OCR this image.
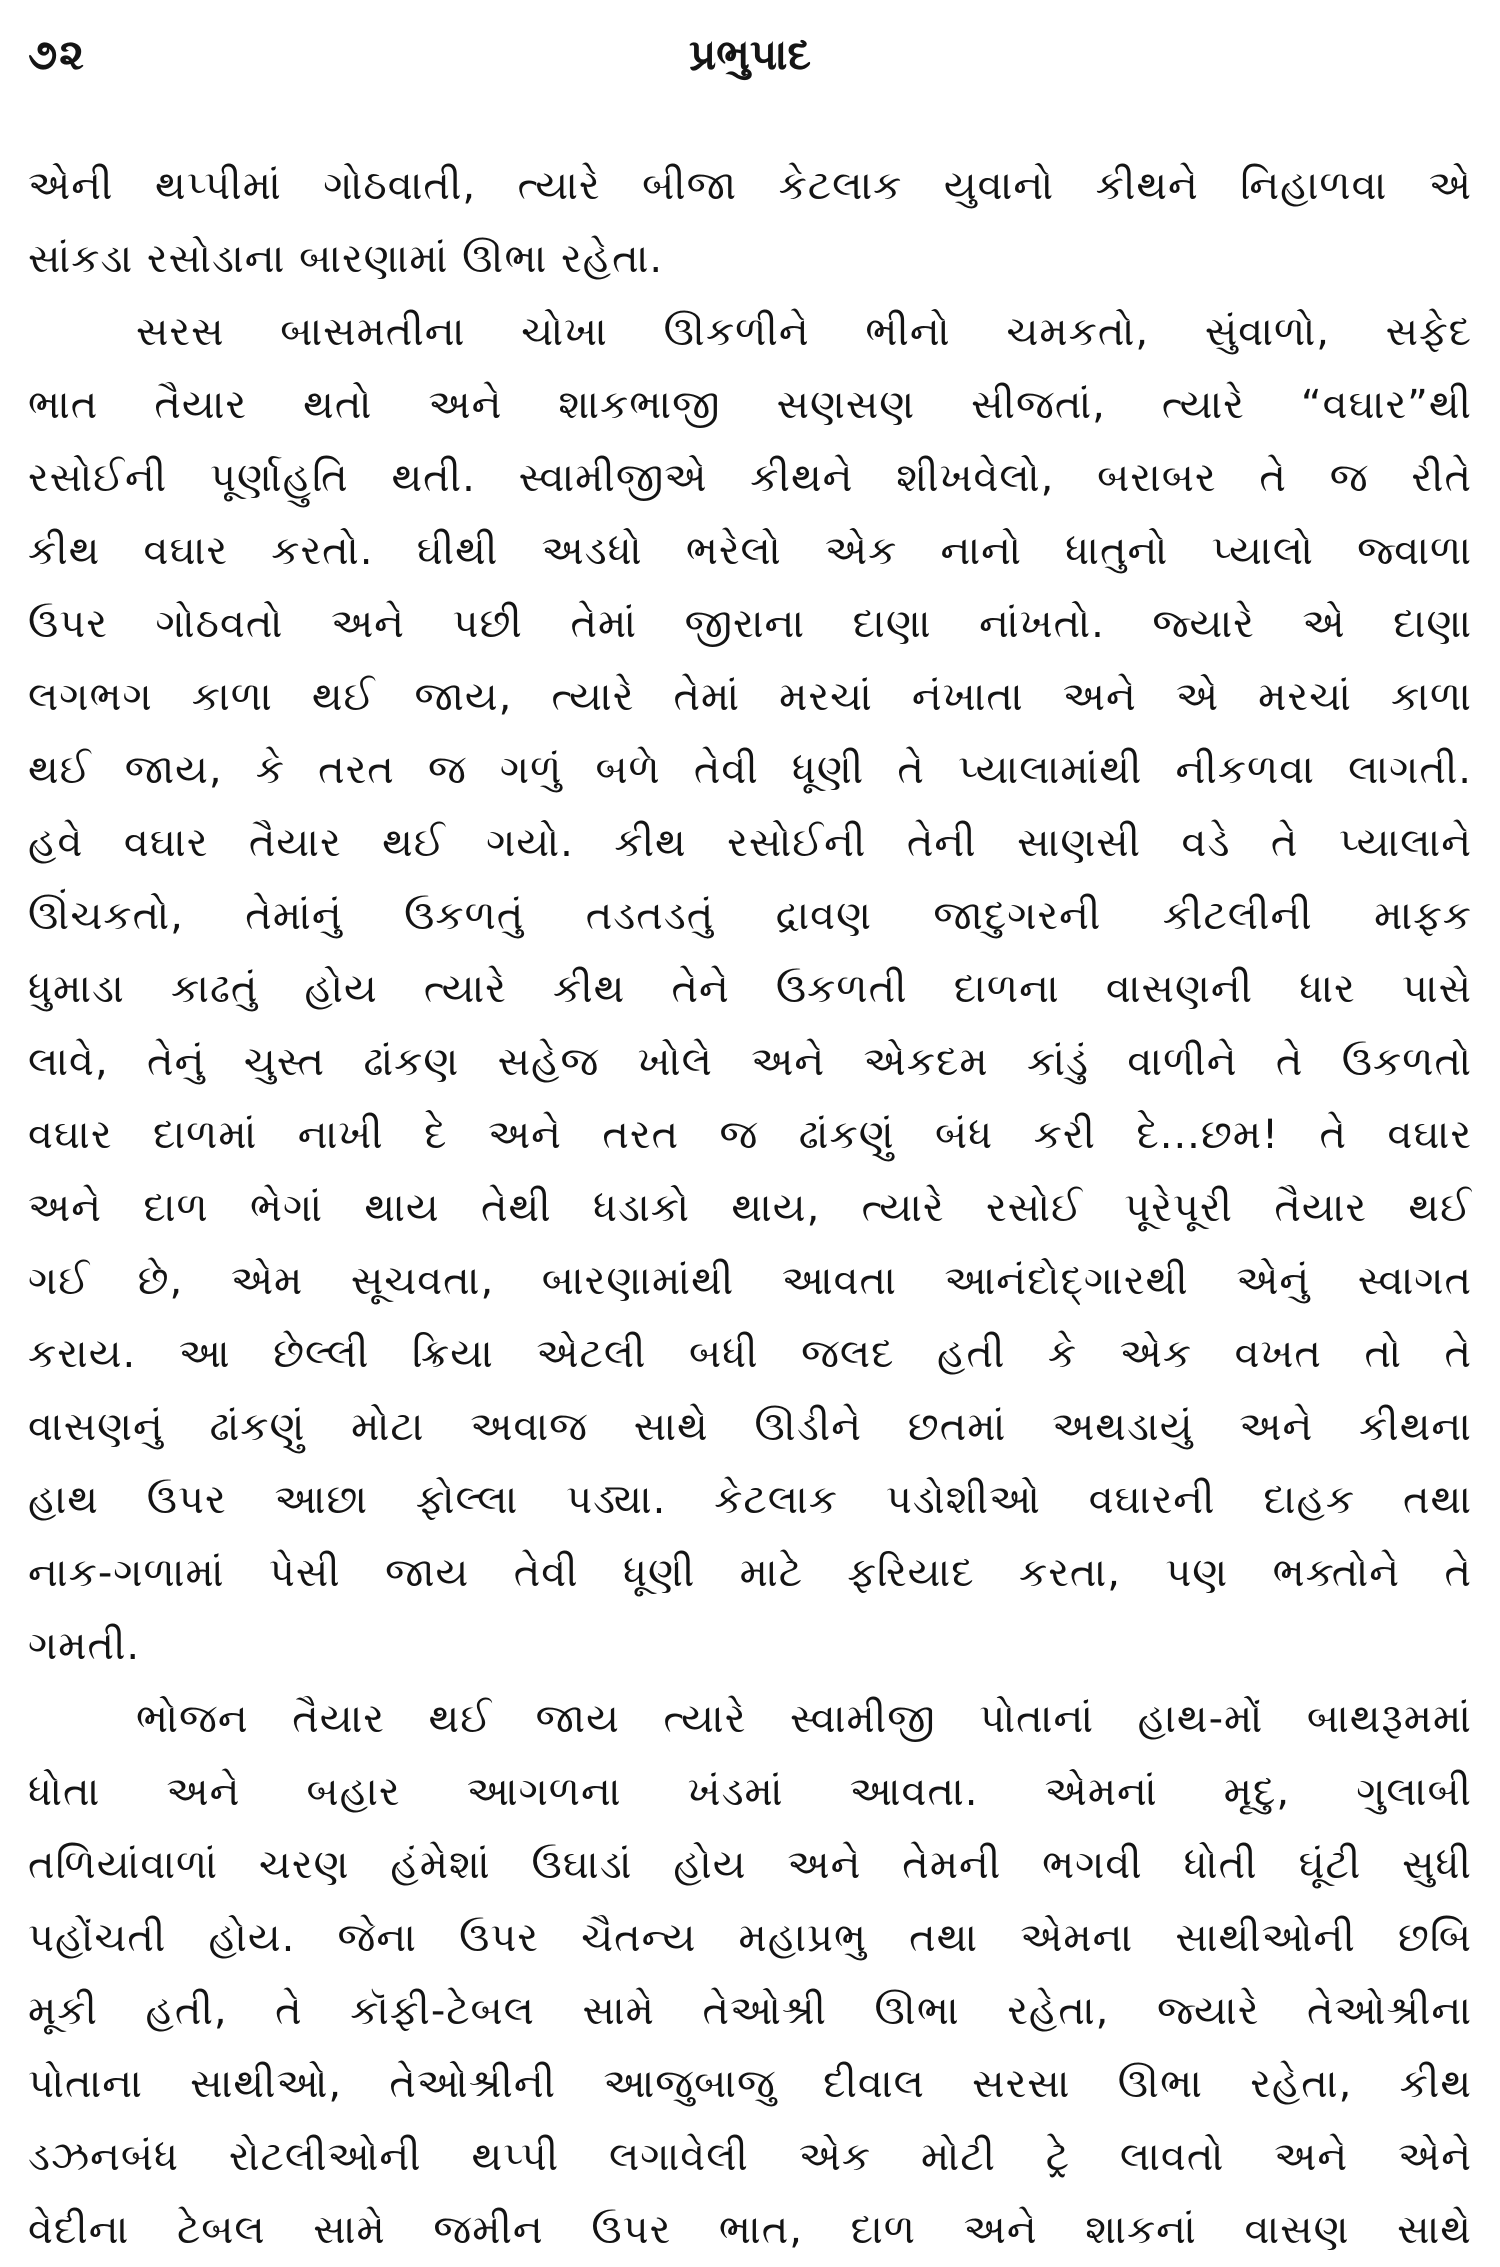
૭૨	પ્રભુપાદ
એની થપ્પીમાં ગોઠવાતી, ત્યારે બીજા કેટલાક યુવાનો કીથને નિહાળવા એ
સાંકડા રસોડાના બારણામાં ઊભા રહેતા.
સરસ બાસમતીના ચોખા ઊકળીને ભીનો ચમકતો, સુંવાળો, સફેદ
ભાત તૈયાર થતો અને શાકભાજી સણસણ સીજતાં, ત્યારે “વઘાર”થી
રસોઈની પૂર્ણાહુતિ થતી. સ્વામીજીએ કીથને શીખવેલો, બરાબર તે જ રીતે
કીથ વઘાર કરતો. ઘીથી અડધો ભરેલો એક નાનો ધાતુનો પ્યાલો જ્વાળા
ઉપર ગોઠવતો અને પછી તેમાં જીરાના દાણા નાંખતો. જ્યારે એ દાણા
લગભગ કાળા થઈ જાય, ત્યારે તેમાં મરચાં નંખાતા અને એ મરચાં કાળા
થઈ જાય, કે તરત જ ગળું બળે તેવી ધૂણી તે પ્યાલામાંથી નીકળવા લાગતી.
હવે વઘાર તૈયાર થઈ ગયો. કીથ રસોઈની તેની સાણસી વડે તે પ્યાલાને
ઊંચકતો, તેમાંનું ઉકળતું તડતડતું દ્રાવણ જાદુગરની કીટલીની માફક
ધુમાડા કાઢતું હોય ત્યારે કીથ તેને ઉકળતી દાળના વાસણની ધાર પાસે
લાવે, તેનું ચુસ્ત ઢાંકણ સહેજ ખોલે અને એકદમ કાંડું વાળીને તે ઉકળતો
વઘાર દાળમાં નાખી દે અને તરત જ ઢાંકણું બંધ કરી દે...છમ! તે વઘાર
અને દાળ ભેગાં થાય તેથી ધડાકો થાય, ત્યારે રસોઈ પૂરેપૂરી તૈયાર થઈ
ગઈ છે, એમ સૂચવતા, બારણામાંથી આવતા આનંદોદ્ગારથી એનું સ્વાગત
કરાય. આ છેલ્લી ક્રિયા એટલી બધી જલદ હતી કે એક વખત તો તે
વાસણનું ઢાંકણું મોટા અવાજ સાથે ઊડીને છતમાં અથડાયું અને કીથના
હાથ ઉપર આછા ફોલ્લા પડ્યા. કેટલાક પડોશીઓ વઘારની દાહક તથા
નાક-ગળામાં પેસી જાય તેવી ધૂણી માટે ફરિયાદ કરતા, પણ ભક્તોને તે
ગમતી.
ભોજન તૈયાર થઈ જાય ત્યારે સ્વામીજી પોતાનાં હાથ-મોં બાથરૂમમાં
ધોતા અને બહાર આગળના ખંડમાં આવતા. એમનાં મૃદુ, ગુલાબી
તળિયાંવાળાં ચરણ હંમેશાં ઉઘાડાં હોય અને તેમની ભગવી ધોતી ઘૂંટી સુધી
પહોંચતી હોય. જેના ઉપર ચૈતન્ય મહાપ્રભુ તથા એમના સાથીઓની છબિ
મૂકી હતી, તે કૉફી-ટેબલ સામે તેઓશ્રી ઊભા રહેતા, જ્યારે તેઓશ્રીના
પોતાના સાથીઓ, તેઓશ્રીની આજુબાજુ દીવાલ સરસા ઊભા રહેતા, કીથ
ડઝનબંધ રોટલીઓની થપ્પી લગાવેલી એક મોટી ટ્રે લાવતો અને એને
વેદીના ટેબલ સામે જમીન ઉપર ભાત, દાળ અને શાકનાં વાસણ સાથે
